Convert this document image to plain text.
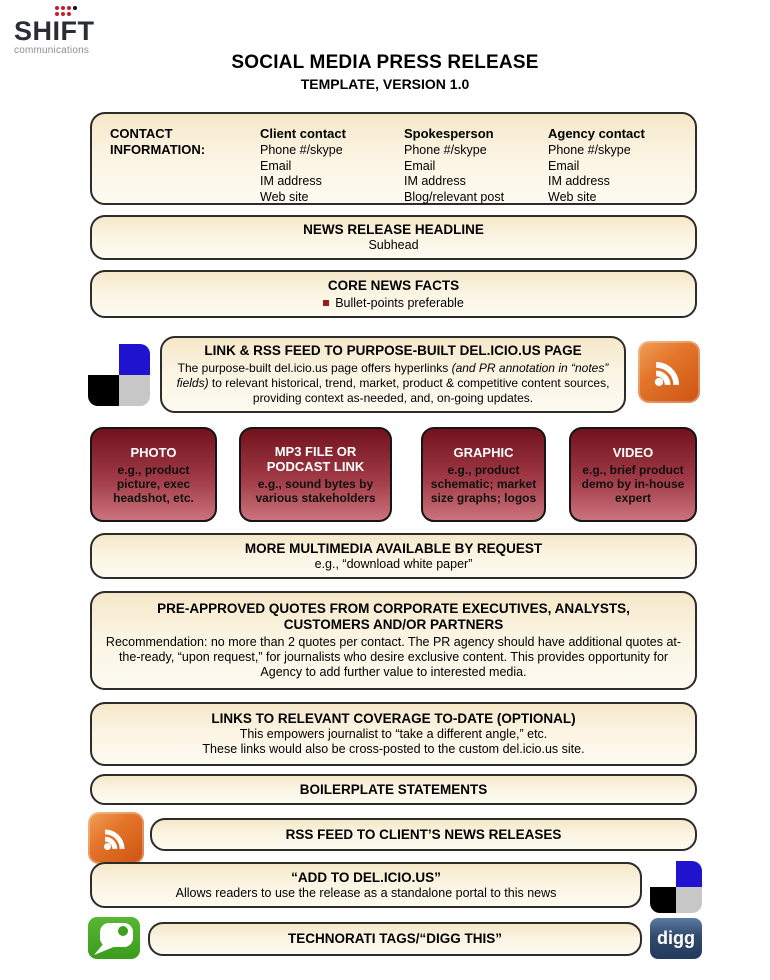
SHIFT
communications
SOCIAL MEDIA PRESS RELEASE
TEMPLATE, VERSION 1.0
CONTACT
INFORMATION:
Client contact
Phone #/skype
Email
IM address
Web site
Spokesperson
Phone #/skype
Email
IM address
Blog/relevant post
Agency contact
Phone #/skype
Email
IM address
Web site
NEWS RELEASE HEADLINE
Subhead
CORE NEWS FACTS
Bullet-points preferable
LINK & RSS FEED TO PURPOSE-BUILT DEL.ICIO.US PAGE
The purpose-built del.icio.us page offers hyperlinks (and PR annotation in “notes” fields) to relevant historical, trend, market, product & competitive content sources, providing context as-needed, and, on-going updates.
PHOTO
e.g., product picture, exec headshot, etc.
MP3 FILE OR PODCAST LINK
e.g., sound bytes by various stakeholders
GRAPHIC
e.g., product schematic; market size graphs; logos
VIDEO
e.g., brief product demo by in-house expert
MORE MULTIMEDIA AVAILABLE BY REQUEST
e.g., “download white paper”
PRE-APPROVED QUOTES FROM CORPORATE EXECUTIVES, ANALYSTS, CUSTOMERS AND/OR PARTNERS
Recommendation: no more than 2 quotes per contact. The PR agency should have additional quotes at-the-ready, “upon request,” for journalists who desire exclusive content. This provides opportunity for Agency to add further value to interested media.
LINKS TO RELEVANT COVERAGE TO-DATE (OPTIONAL)
This empowers journalist to “take a different angle,” etc.
These links would also be cross-posted to the custom del.icio.us site.
BOILERPLATE STATEMENTS
RSS FEED TO CLIENT’S NEWS RELEASES
“ADD TO DEL.ICIO.US”
Allows readers to use the release as a standalone portal to this news
TECHNORATI TAGS/“DIGG THIS”	digg
